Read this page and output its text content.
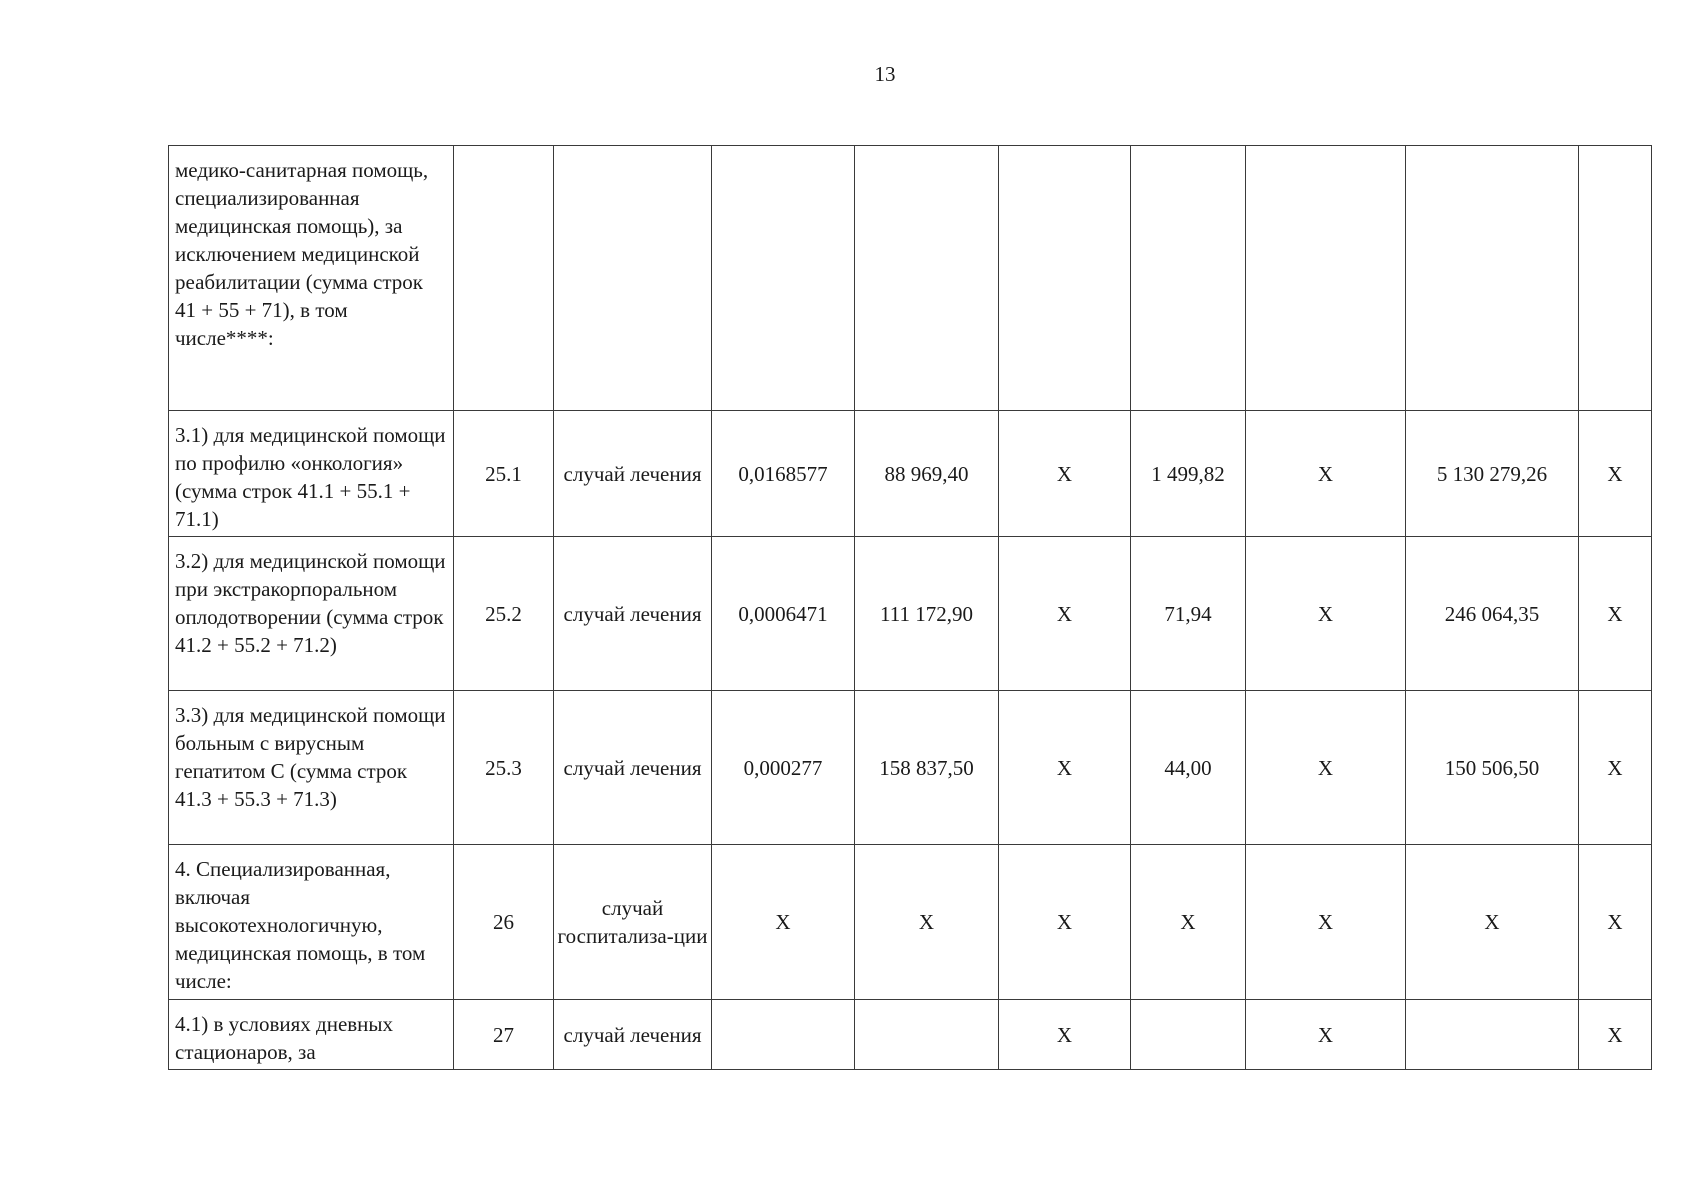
13
медико-санитарная помощь, специализированная медицинская помощь), за исключением медицинской реабилитации (сумма строк 41 + 55 + 71), в том числе****:									
3.1) для медицинской помощи по профилю «онкология» (сумма строк 41.1 + 55.1 + 71.1)	25.1	случай лечения	0,0168577	88 969,40	X	1 499,82	X	5 130 279,26	X
3.2) для медицинской помощи при экстракорпоральном оплодотворении (сумма строк 41.2 + 55.2 + 71.2)	25.2	случай лечения	0,0006471	111 172,90	X	71,94	X	246 064,35	X
3.3) для медицинской помощи больным с вирусным гепатитом С (сумма строк 41.3 + 55.3 + 71.3)	25.3	случай лечения	0,000277	158 837,50	X	44,00	X	150 506,50	X
4. Специализированная, включая высокотехнологичную, медицинская помощь, в том числе:	26	случай госпитализа-ции	X	X	X	X	X	X	X
4.1) в условиях дневных стационаров, за	27	случай лечения			X		X		X
